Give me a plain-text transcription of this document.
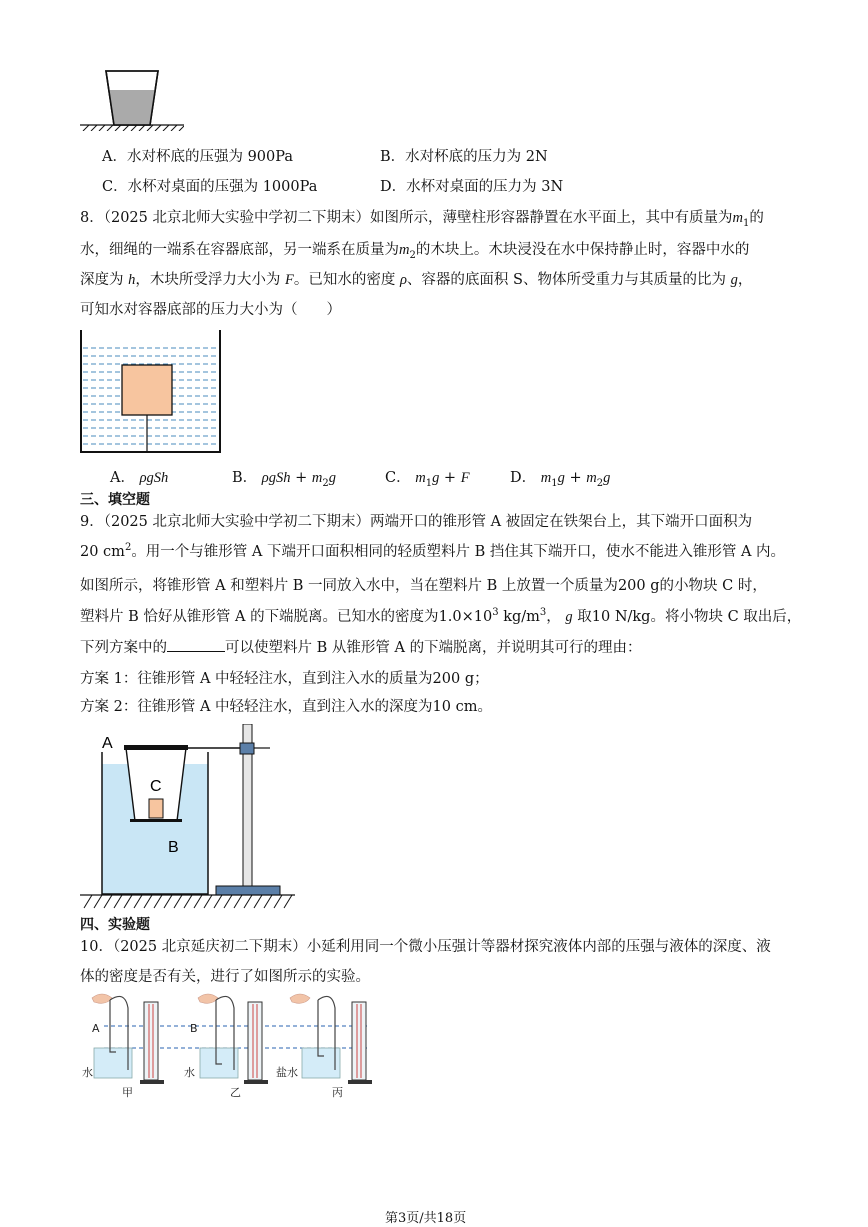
A．水对杯底的压强为 900Pa	B．水对杯底的压力为 2N
C．水杯对桌面的压强为 1000Pa	D．水杯对桌面的压力为 3N
8．（2025 北京北师大实验中学初二下期末）如图所示，薄壁柱形容器静置在水平面上，其中有质量为$m_1$的
水，细绳的一端系在容器底部，另一端系在质量为$m_2$的木块上。木块浸没在水中保持静止时，容器中水的
深度为 h，木块所受浮力大小为 F。已知水的密度 ρ、容器的底面积 S、物体所受重力与其质量的比为 g，
可知水对容器底部的压力大小为（　　）
A． ρgSh	B． $\rho gSh + m_2g$	C． $m_1g + F$	D． $m_1g + m_2g$
三、填空题
9．（2025 北京北师大实验中学初二下期末）两端开口的锥形管 A 被固定在铁架台上，其下端开口面积为
20 $cm^2$。用一个与锥形管 A 下端开口面积相同的轻质塑料片 B 挡住其下端开口，使水不能进入锥形管 A 内。
如图所示，将锥形管 A 和塑料片 B 一同放入水中，当在塑料片 B 上放置一个质量为200 g的小物块 C 时，
塑料片 B 恰好从锥形管 A 的下端脱离。已知水的密度为$1.0\times 10^3$ $kg/m^3$， g 取10 N/kg。将小物块 C 取出后，
下列方案中的	可以使塑料片 B 从锥形管 A 的下端脱离，并说明其可行的理由：
方案 1：往锥形管 A 中轻轻注水，直到注入水的质量为200 g；
方案 2：往锥形管 A 中轻轻注水，直到注入水的深度为10 cm。
A
C
B
四、实验题
10．（2025 北京延庆初二下期末）小延利用同一个微小压强计等器材探究液体内部的压强与液体的深度、液
体的密度是否有关，进行了如图所示的实验。
A	B
水	水	盐水
甲	乙	丙
第3页/共18页
